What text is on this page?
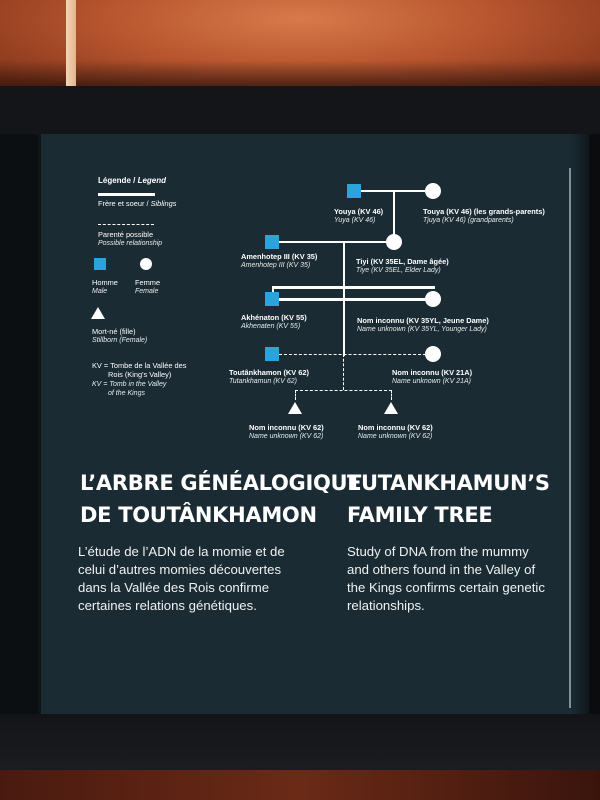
Légende / Legend
Frère et soeur / Siblings
Parenté possible
Possible relationship
Homme
Male
Femme
Female
Mort-né (fille)
Stillborn (Female)
KV = Tombe de la Vallée des
Rois (King's Valley)
KV = Tomb in the Valley
of the Kings
Youya (KV 46)
Yuya (KV 46)
Touya (KV 46) (les grands-parents)
Tjuya (KV 46) (grandparents)
Amenhotep III (KV 35)
Amenhotep III (KV 35)	Tiyi (KV 35EL, Dame âgée)
Tiye (KV 35EL, Elder Lady)
Akhénaton (KV 55)
Akhenaten (KV 55)
Nom inconnu (KV 35YL, Jeune Dame)
Name unknown (KV 35YL, Younger Lady)
Toutânkhamon (KV 62)
Tutankhamun (KV 62)
Nom inconnu (KV 21A)
Name unknown (KV 21A)
Nom inconnu (KV 62)
Name unknown (KV 62)
Nom inconnu (KV 62)
Name unknown (KV 62)
L’ARBRE GÉNÉALOGIQUE
DE TOUTÂNKHAMON
TUTANKHAMUN’S
FAMILY TREE
L’étude de l’ADN de la momie et de
celui d’autres momies découvertes
dans la Vallée des Rois confirme
certaines relations génétiques.
Study of DNA from the mummy
and others found in the Valley of
the Kings confirms certain genetic
relationships.
